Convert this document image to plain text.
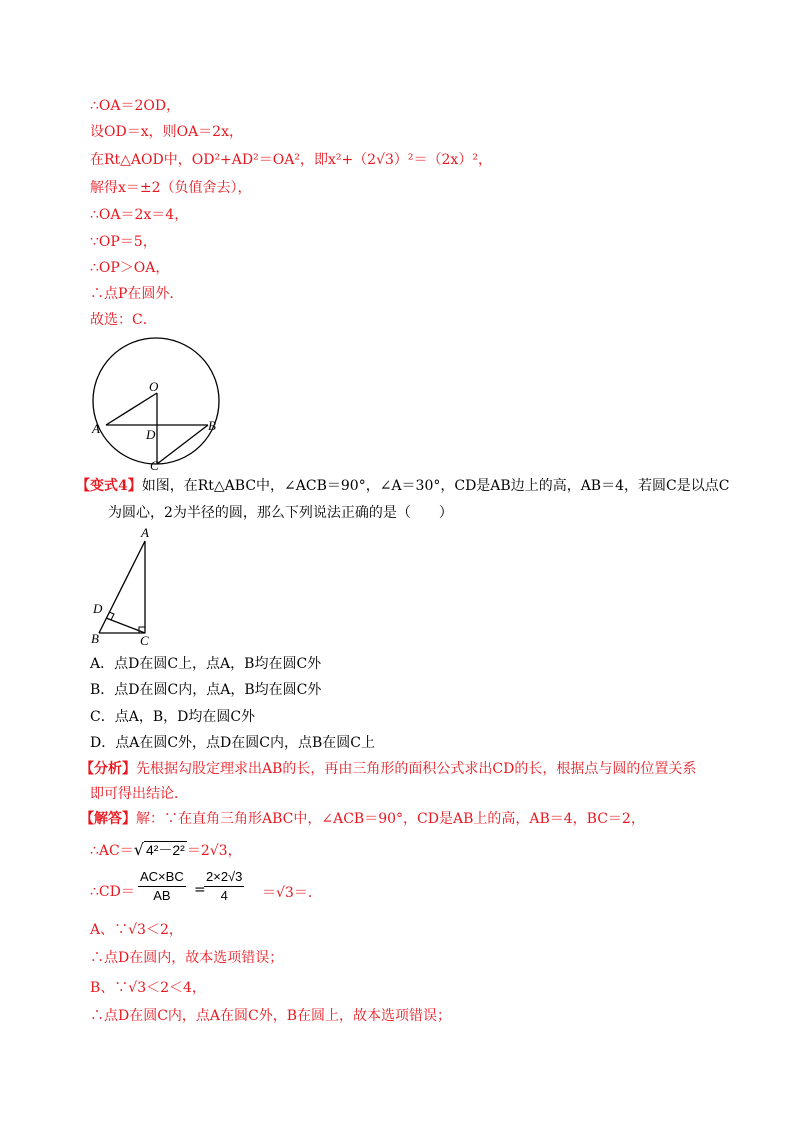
∴OA＝2OD，
设OD＝x，则OA＝2x，
在Rt△AOD中，OD²+AD²＝OA²，即x²+（2√3）²＝（2x）²，
解得x＝±2（负值舍去），
∴OA＝2x＝4，
∵OP＝5，
∴OP＞OA，
∴点P在圆外．
故选：C．
O
A	D
B
C
【变式4】如图，在Rt△ABC中，∠ACB＝90°，∠A＝30°，CD是AB边上的高，AB＝4，若圆C是以点C
为圆心，2为半径的圆，那么下列说法正确的是（　　）
A
D
B	C
A．点D在圆C上，点A，B均在圆C外
B．点D在圆C内，点A，B均在圆C外
C．点A，B，D均在圆C外
D．点A在圆C外，点D在圆C内，点B在圆C上
【分析】先根据勾股定理求出AB的长，再由三角形的面积公式求出CD的长，根据点与圆的位置关系
即可得出结论．
【解答】解：∵在直角三角形ABC中，∠ACB＝90°，CD是AB上的高，AB＝4，BC＝2，
∴AC＝√ 4²－2² ＝2√3，
∴CD＝ $\frac{AC\times BC}{AB}$ =
$\frac{2\times 2√3}{4} =√3=$．
A、∵√3＜2，
∴点D在圆内，故本选项错误；
B、∵√3＜2＜4，
∴点D在圆C内，点A在圆C外，B在圆上，故本选项错误；
